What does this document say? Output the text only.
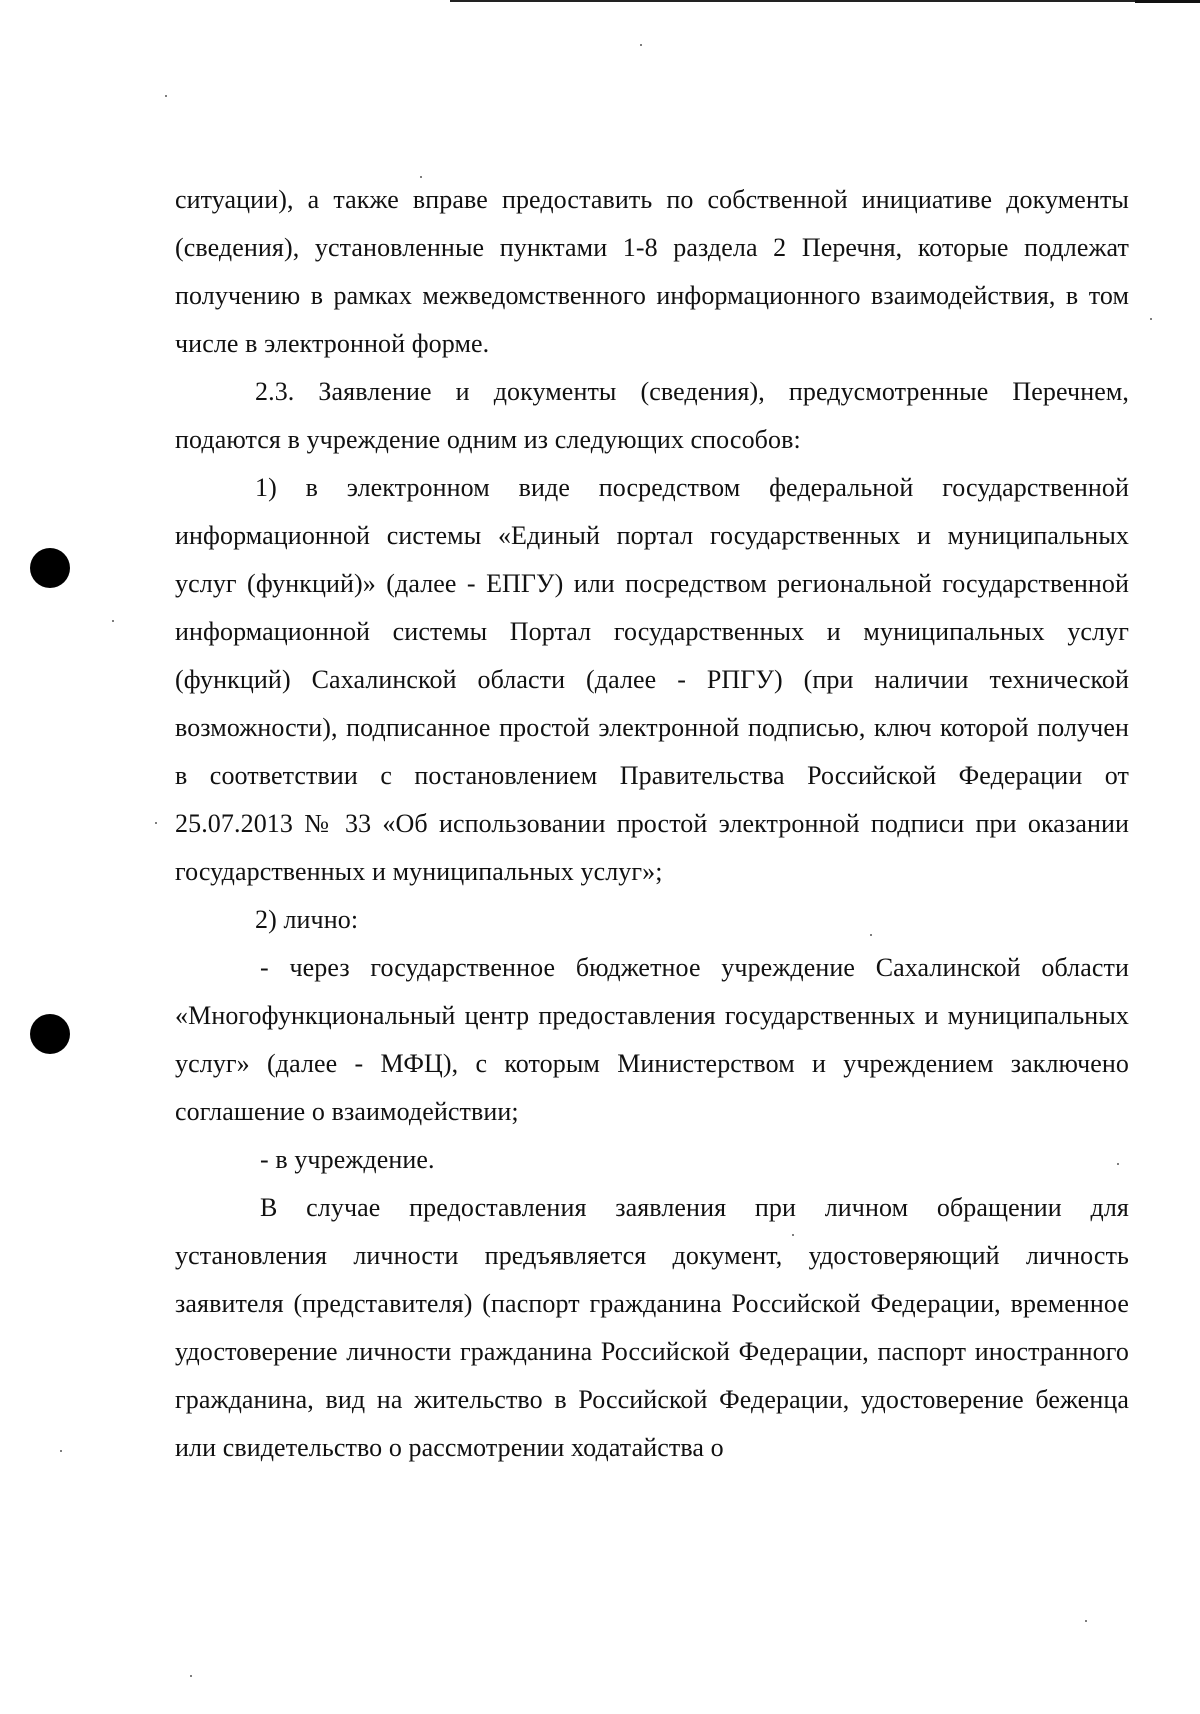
ситуации), а также вправе предоставить по собственной инициативе документы (сведения), установленные пунктами 1-8 раздела 2 Перечня, которые подлежат получению в рамках межведомственного информационного взаимодействия, в том числе в электронной форме.

2.3. Заявление и документы (сведения), предусмотренные Перечнем, подаются в учреждение одним из следующих способов:

1) в электронном виде посредством федеральной государственной информационной системы «Единый портал государственных и муниципальных услуг (функций)» (далее - ЕПГУ) или посредством региональной государственной информационной системы Портал государственных и муниципальных услуг (функций) Сахалинской области (далее - РПГУ) (при наличии технической возможности), подписанное простой электронной подписью, ключ которой получен в соответствии с постановлением Правительства Российской Федерации от 25.07.2013 № 33 «Об использовании простой электронной подписи при оказании государственных и муниципальных услуг»;

2) лично:

- через государственное бюджетное учреждение Сахалинской области «Многофункциональный центр предоставления государственных и муниципальных услуг» (далее - МФЦ), с которым Министерством и учреждением заключено соглашение о взаимодействии;

- в учреждение.

В случае предоставления заявления при личном обращении для установления личности предъявляется документ, удостоверяющий личность заявителя (представителя) (паспорт гражданина Российской Федерации, временное удостоверение личности гражданина Российской Федерации, паспорт иностранного гражданина, вид на жительство в Российской Федерации, удостоверение беженца или свидетельство о рассмотрении ходатайства о
